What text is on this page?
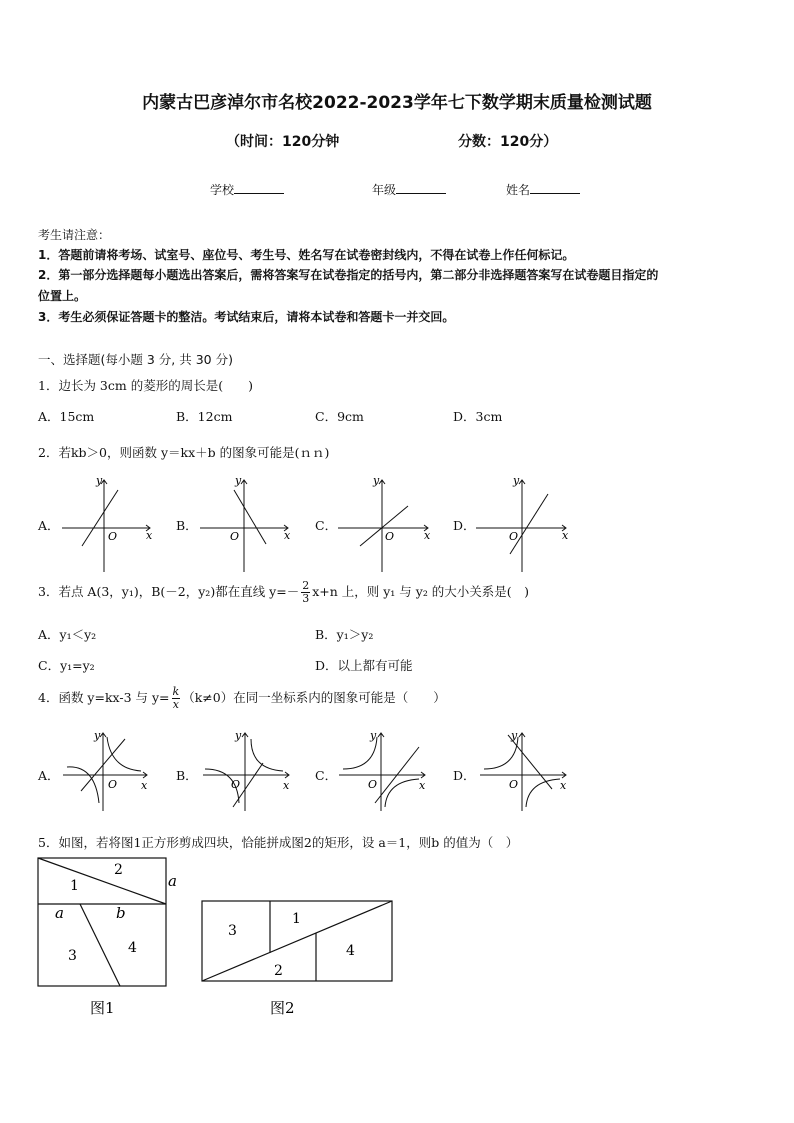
内蒙古巴彦淖尔市名校2022-2023学年七下数学期末质量检测试题
（时间：120分钟	分数：120分）
学校	年级	姓名
考生请注意：
1．答题前请将考场、试室号、座位号、考生号、姓名写在试卷密封线内，不得在试卷上作任何标记。
2．第一部分选择题每小题选出答案后，需将答案写在试卷指定的括号内，第二部分非选择题答案写在试卷题目指定的
位置上。
3．考生必须保证答题卡的整洁。考试结束后，请将本试卷和答题卡一并交回。
一、选择题(每小题 3 分, 共 30 分)
1．边长为 3cm 的菱形的周长是(　　)
A．15cm	B．12cm	C．9cm	D．3cm
2．若kb＞0，则函数 y＝kx＋b 的图象可能是(ｎｎ)
A．	B．	C．	D．
y
x
O
y
x
O
y
x
O
y
x
O
3．若点 A(3，y₁)，B(－2，y₂)都在直线 $y=- \frac{2}{3} x+n$ 上，则 y₁ 与 y₂ 的大小关系是(　)
A．y₁＜y₂	B．y₁＞y₂
C．y₁=y₂	D．以上都有可能
4．函数 y=kx-3 与 $y= \frac{k}{x} (k\ne 0)$在同一坐标系内的图象可能是（　　）
A．	B．	C．	D．
y
x
O
y
x
O
y
x
O
y
x
O
5．如图，若将图1正方形剪成四块，恰能拼成图2的矩形，设 a＝1，则b 的值为（　）
1
2
3	4
a
a	b
图1
3
1
2
4
图2
